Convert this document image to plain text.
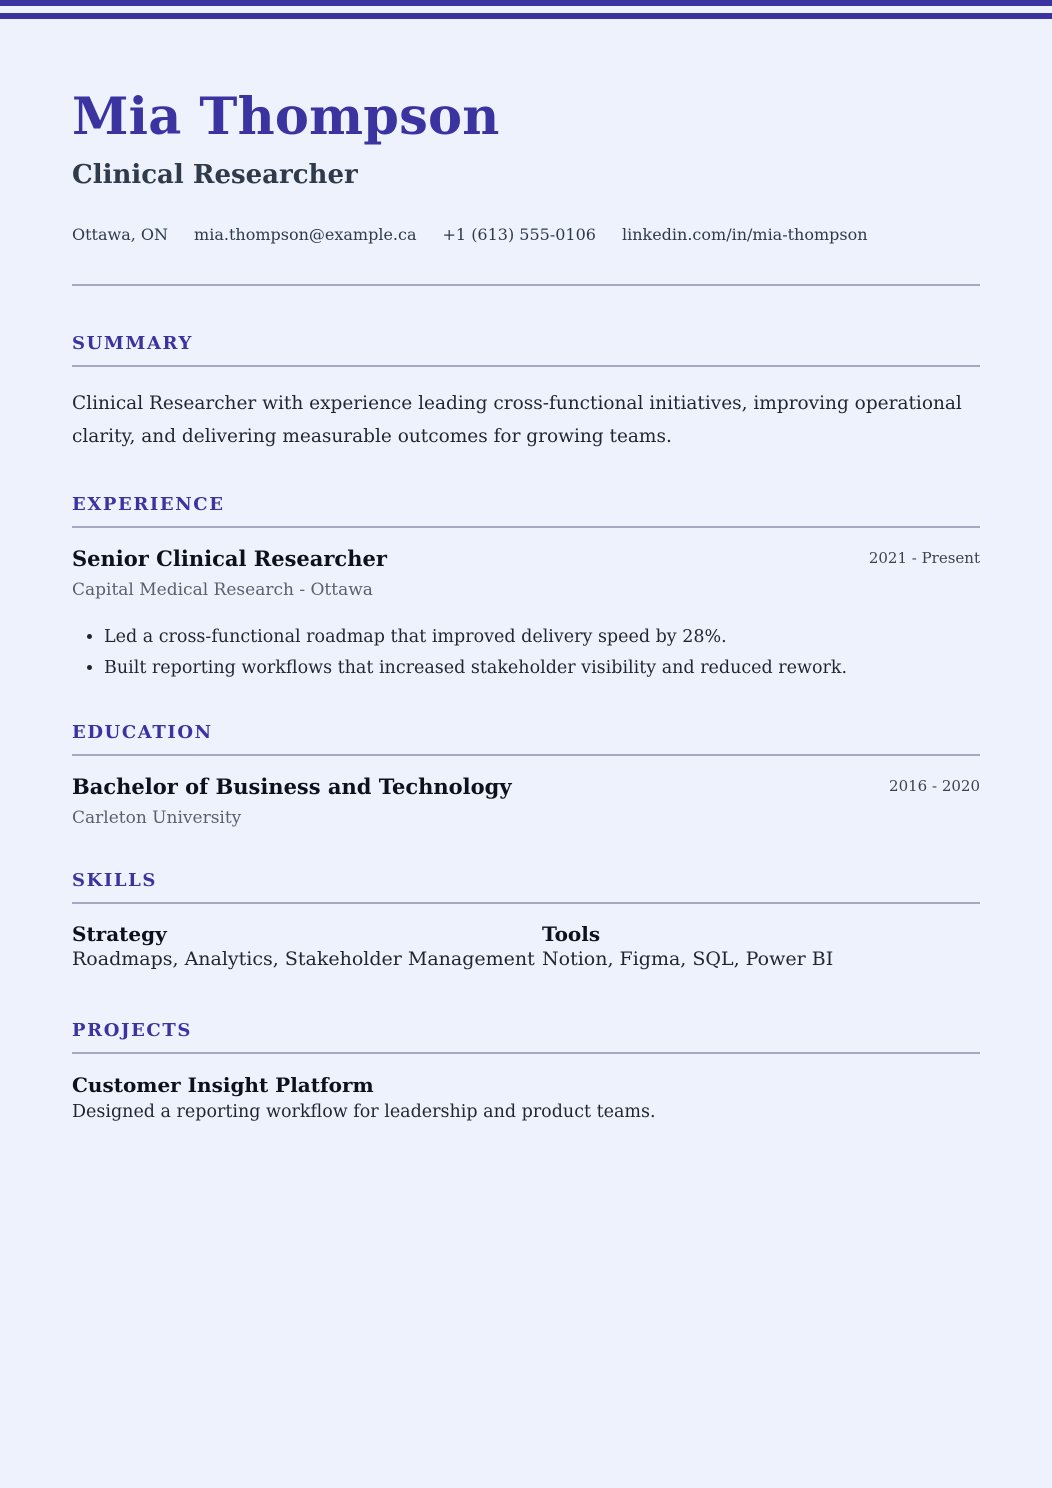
Mia Thompson
Clinical Researcher
Ottawa, ON mia.thompson@example.ca +1 (613) 555-0106 linkedin.com/in/mia-thompson
SUMMARY

Clinical Researcher with experience leading cross-functional initiatives, improving operational clarity, and delivering measurable outcomes for growing teams.

EXPERIENCE
Senior Clinical Researcher	2021 - Present
Capital Medical Research - Ottawa
• Led a cross-functional roadmap that improved delivery speed by 28%.
• Built reporting workflows that increased stakeholder visibility and reduced rework.
EDUCATION
Bachelor of Business and Technology	2016 - 2020
Carleton University
SKILLS
Strategy
Roadmaps, Analytics, Stakeholder Management
Tools
Notion, Figma, SQL, Power BI
PROJECTS
Customer Insight Platform
Designed a reporting workflow for leadership and product teams.
